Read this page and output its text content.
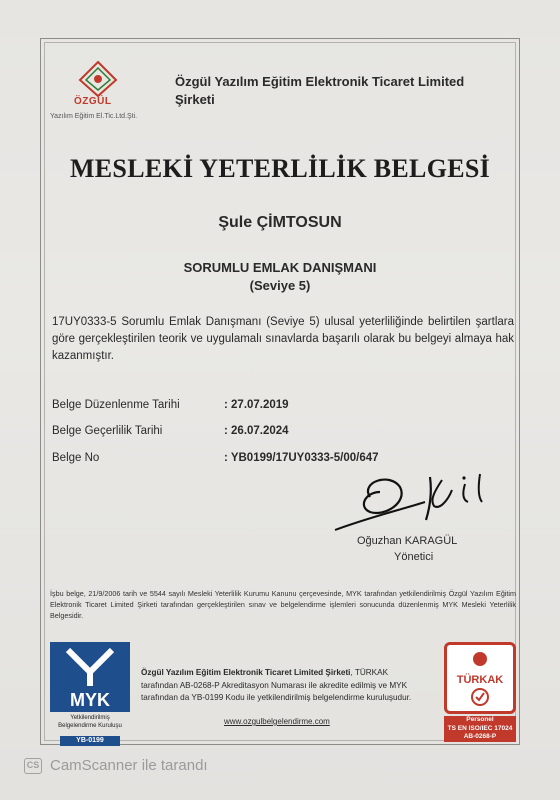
ÖZGÜL
Yazılım Eğitim El.Tic.Ltd.Şti.
Özgül Yazılım Eğitim Elektronik Ticaret Limited
Şirketi
MESLEKİ YETERLİLİK BELGESİ
Şule ÇİMTOSUN
SORUMLU EMLAK DANIŞMANI
(Seviye 5)
17UY0333-5 Sorumlu Emlak Danışmanı (Seviye 5) ulusal yeterliliğinde belirtilen şartlara göre gerçekleştirilen teorik ve uygulamalı sınavlarda başarılı olarak bu belgeyi almaya hak kazanmıştır.
Belge Düzenlenme Tarihi	: 27.07.2019
Belge Geçerlilik Tarihi	: 26.07.2024
Belge No	: YB0199/17UY0333-5/00/647
Oğuzhan KARAGÜL
Yönetici
İşbu belge, 21/9/2006 tarih ve 5544 sayılı Mesleki Yeterlilik Kurumu Kanunu çerçevesinde, MYK tarafından yetkilendirilmiş Özgül Yazılım Eğitim Elektronik Ticaret Limited Şirketi tarafından gerçekleştirilen sınav ve belgelendirme işlemleri sonucunda düzenlenmiş MYK Mesleki Yeterlilik Belgesidir.
MYK
Yetkilendirilmiş
Belgelendirme Kuruluşu
YB-0199
Özgül Yazılım Eğitim Elektronik Ticaret Limited Şirketi, TÜRKAK tarafından AB-0268-P Akreditasyon Numarası ile akredite edilmiş ve MYK tarafından da YB-0199 Kodu ile yetkilendirilmiş belgelendirme kuruluşudur.
www.ozgulbelgelendirme.com
TÜRKAK
Personel
TS EN ISO/IEC 17024
AB-0268-P
CS CamScanner ile tarandı
